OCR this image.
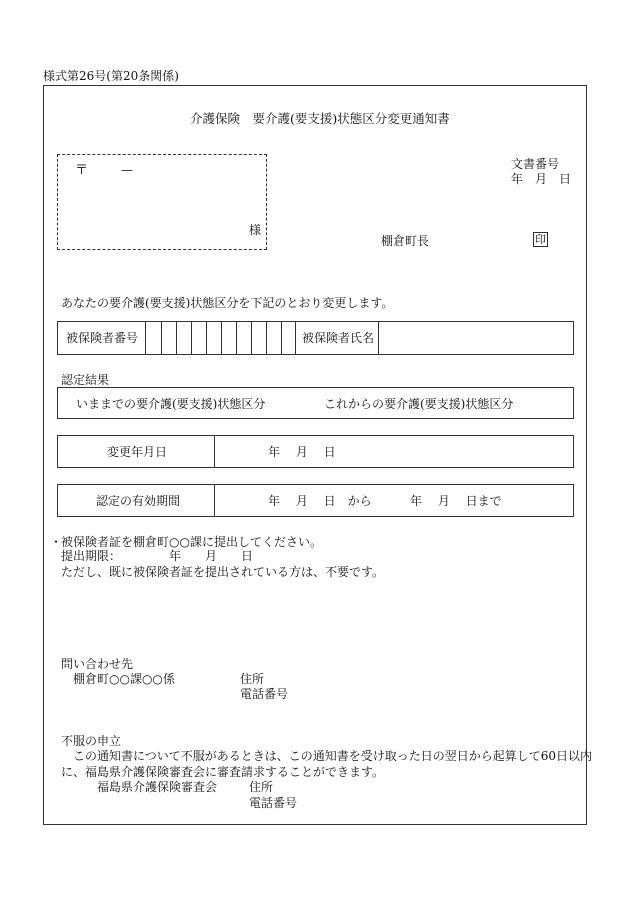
様式第26号(第20条関係)
介護保険　要介護(要支援)状態区分変更通知書
〒	—
様
文書番号
年　月　日
棚倉町長	印
あなたの要介護(要支援)状態区分を下記のとおり変更します。
被保険者番号	被保険者氏名
認定結果
いままでの要介護(要支援)状態区分	これからの要介護(要支援)状態区分
変更年月日	年　 月　 日
認定の有効期間	年　 月　 日　から	年　 月　 日まで
・
被保険者証を棚倉町○○課に提出してください。
提出期限：	年　　月　　日
ただし、既に被保険者証を提出されている方は、不要です。
問い合わせ先
棚倉町○○課○○係	住所
電話番号
不服の申立
この通知書について不服があるときは、この通知書を受け取った日の翌日から起算して60日以内
に、福島県介護保険審査会に審査請求することができます。
福島県介護保険審査会	住所
電話番号
